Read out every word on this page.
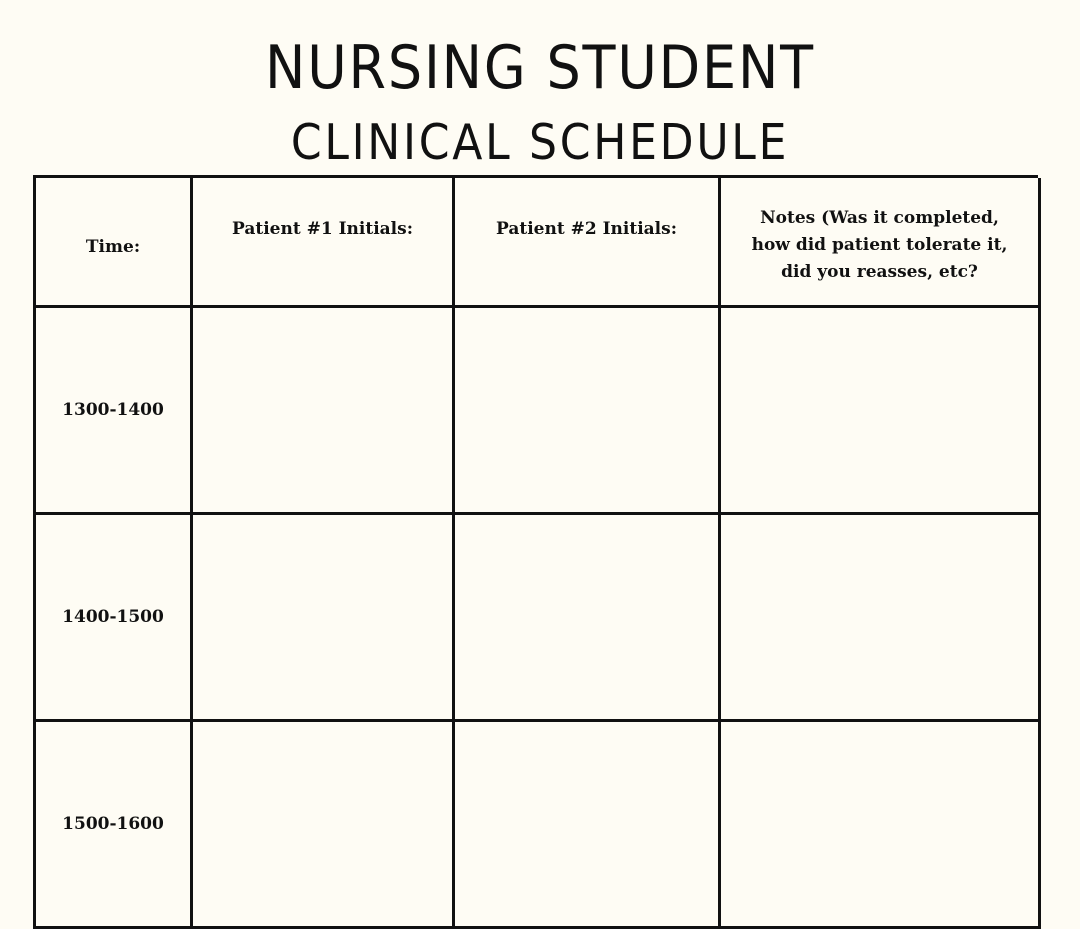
NURSING STUDENT
CLINICAL SCHEDULE
Time:
Patient #1 Initials:	Patient #2 Initials:
Notes (Was it completed, how did patient tolerate it, did you reasses, etc?
1300-1400
1400-1500
1500-1600
